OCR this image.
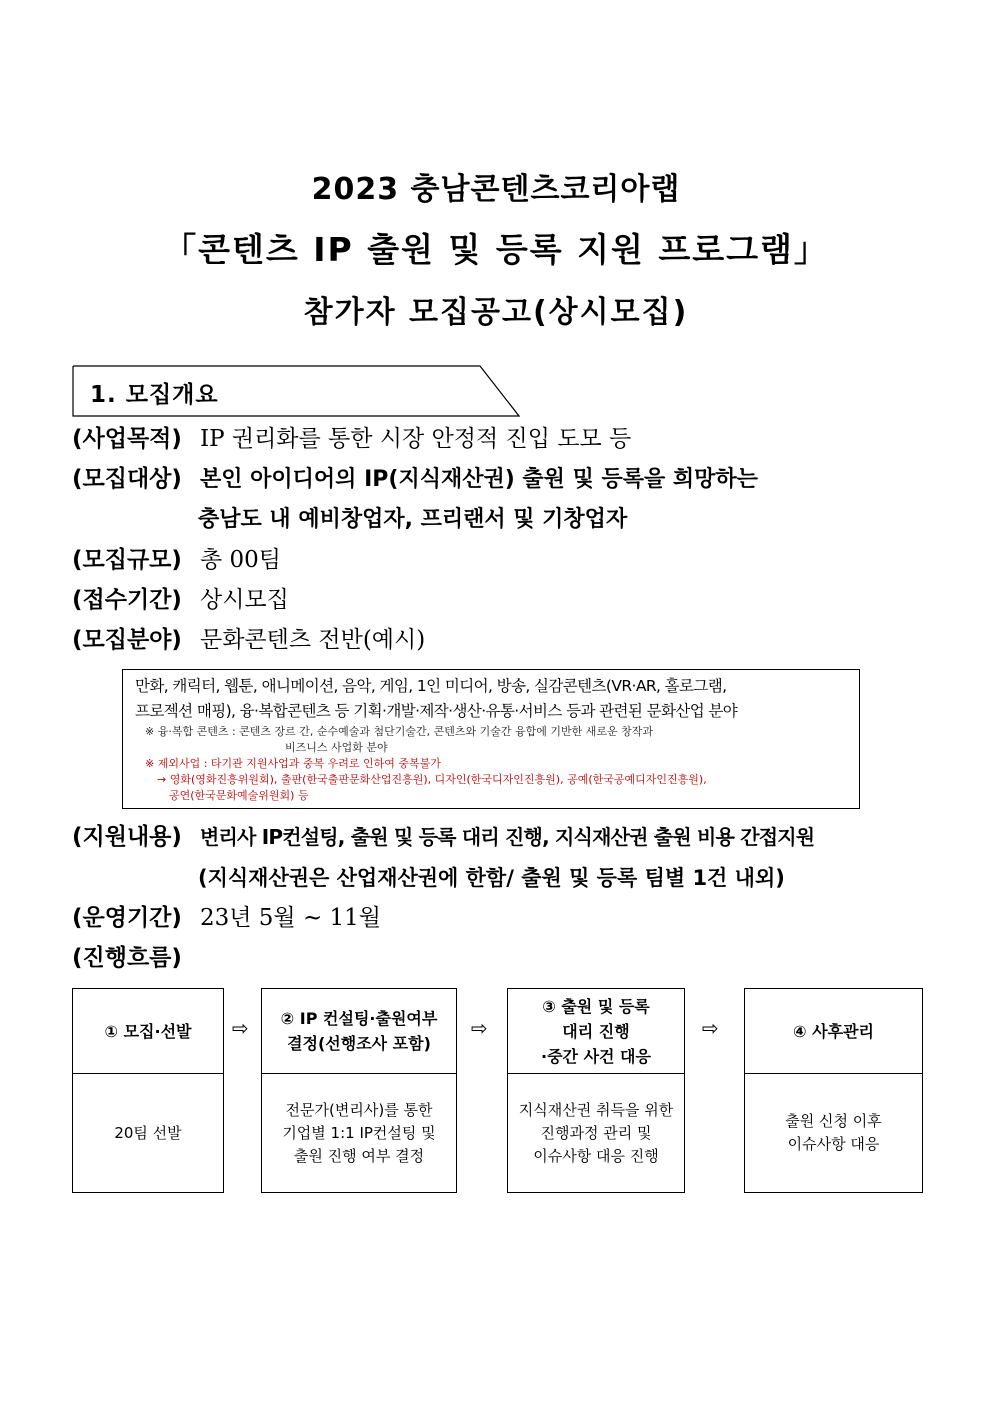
2023 충남콘텐츠코리아랩
「콘텐츠 IP 출원 및 등록 지원 프로그램」
참가자 모집공고(상시모집)
1. 모집개요
(사업목적) IP 권리화를 통한 시장 안정적 진입 도모 등
(모집대상) 본인 아이디어의 IP(지식재산권) 출원 및 등록을 희망하는
충남도 내 예비창업자, 프리랜서 및 기창업자
(모집규모) 총 00팀
(접수기간) 상시모집
(모집분야) 문화콘텐츠 전반(예시)
만화, 캐릭터, 웹툰, 애니메이션, 음악, 게임, 1인 미디어, 방송, 실감콘텐츠(VR·AR, 홀로그램,
프로젝션 매핑), 융·복합콘텐츠 등 기획·개발·제작·생산·유통·서비스 등과 관련된 문화산업 분야
※ 융·복합 콘텐츠 : 콘텐츠 장르 간, 순수예술과 첨단기술간, 콘텐츠와 기술간 융합에 기반한 새로운 창작과
비즈니스 사업화 분야
※ 제외사업 : 타기관 지원사업과 중복 우려로 인하여 중복불가
→ 영화(영화진흥위원회), 출판(한국출판문화산업진흥원), 디자인(한국디자인진흥원), 공예(한국공예디자인진흥원),
공연(한국문화예술위원회) 등
(지원내용) 변리사 IP컨설팅, 출원 및 등록 대리 진행, 지식재산권 출원 비용 간접지원
(지식재산권은 산업재산권에 한함/ 출원 및 등록 팀별 1건 내외)
(운영기간) 23년 5월 ~ 11월
(진행흐름)
① 모집·선발
20팀 선발
⇨ ② IP 컨설팅·출원여부
결정(선행조사 포함)
전문가(변리사)를 통한
기업별 1:1 IP컨설팅 및
출원 진행 여부 결정
⇨
③ 출원 및 등록
대리 진행
·중간 사건 대응
지식재산권 취득을 위한
진행과정 관리 및
이슈사항 대응 진행
⇨	④ 사후관리
출원 신청 이후
이슈사항 대응
